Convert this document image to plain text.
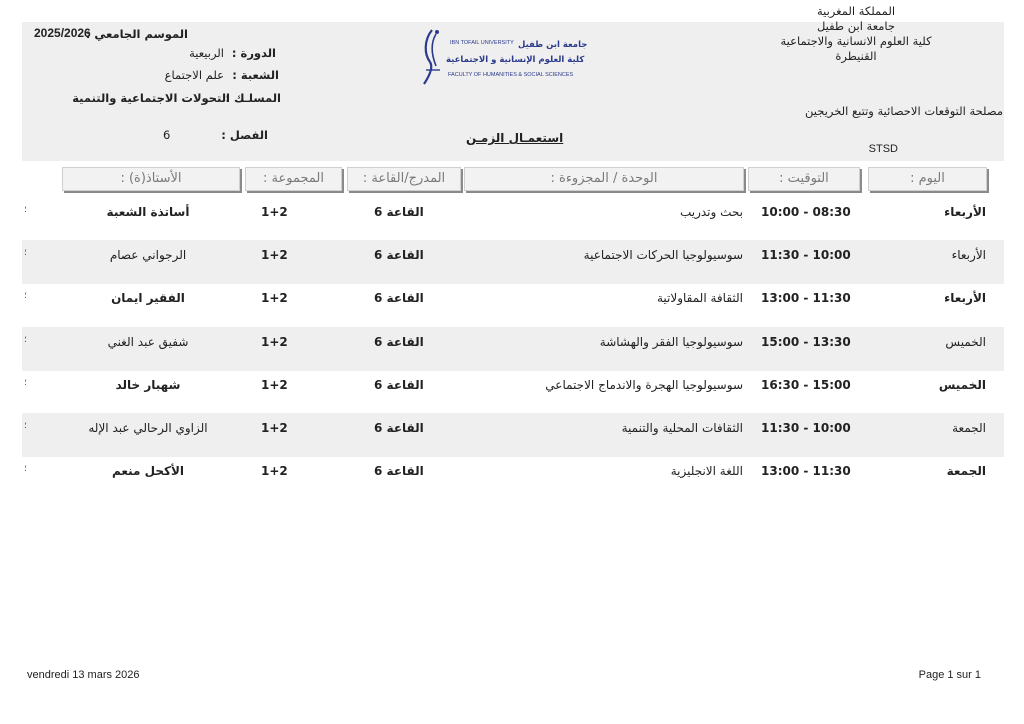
المملكة المغربية
جامعة ابن طفيل
كلية العلوم الانسانية والاجتماعية
القنيطرة
مصلحة التوقعات الاحصائية وتتبع الخريجين
STSD
IBN TOFAIL UNIVERSITY جامعة ابن طفيل
كلية العلوم الإنسانية و الاجتماعية
FACULTY OF HUMANITIES & SOCIAL SCIENCES
الموسم الجامعي :
2025/2026
الدورة :
الربيعية
الشعبة :
علم الاجتماع
المسلـك :
التحولات الاجتماعية والتنمية
الفصل :
6	استعمـال الزمـن
اليوم :
التوقيت :
الوحدة / المجزوءة :
المدرج/القاعة :
المجموعة :
الأستاذ(ة) :
الأربعاء
10:00 - 08:30
بحث وتدريب
القاعة 6
1+2
أساتذة الشعبة
؛
الأربعاء
11:30 - 10:00
سوسيولوجيا الحركات الاجتماعية
القاعة 6
1+2
الرجواني عصام
؛
الأربعاء
13:00 - 11:30
الثقافة المقاولاتية
القاعة 6
1+2
الفقير ايمان
؛
الخميس
15:00 - 13:30
سوسيولوجيا الفقر والهشاشة
القاعة 6
1+2
شفيق عبد الغني
؛
الخميس
16:30 - 15:00
سوسيولوجيا الهجرة والاندماج الاجتماعي
القاعة 6
1+2
شهبار خالد
؛
الجمعة
11:30 - 10:00
الثقافات المحلية والتنمية
القاعة 6
1+2
الزاوي الرحالي عبد الإله
؛
الجمعة
13:00 - 11:30
اللغة الانجليزية
القاعة 6
1+2
الأكحل منعم
؛
vendredi 13 mars 2026	Page 1 sur 1
